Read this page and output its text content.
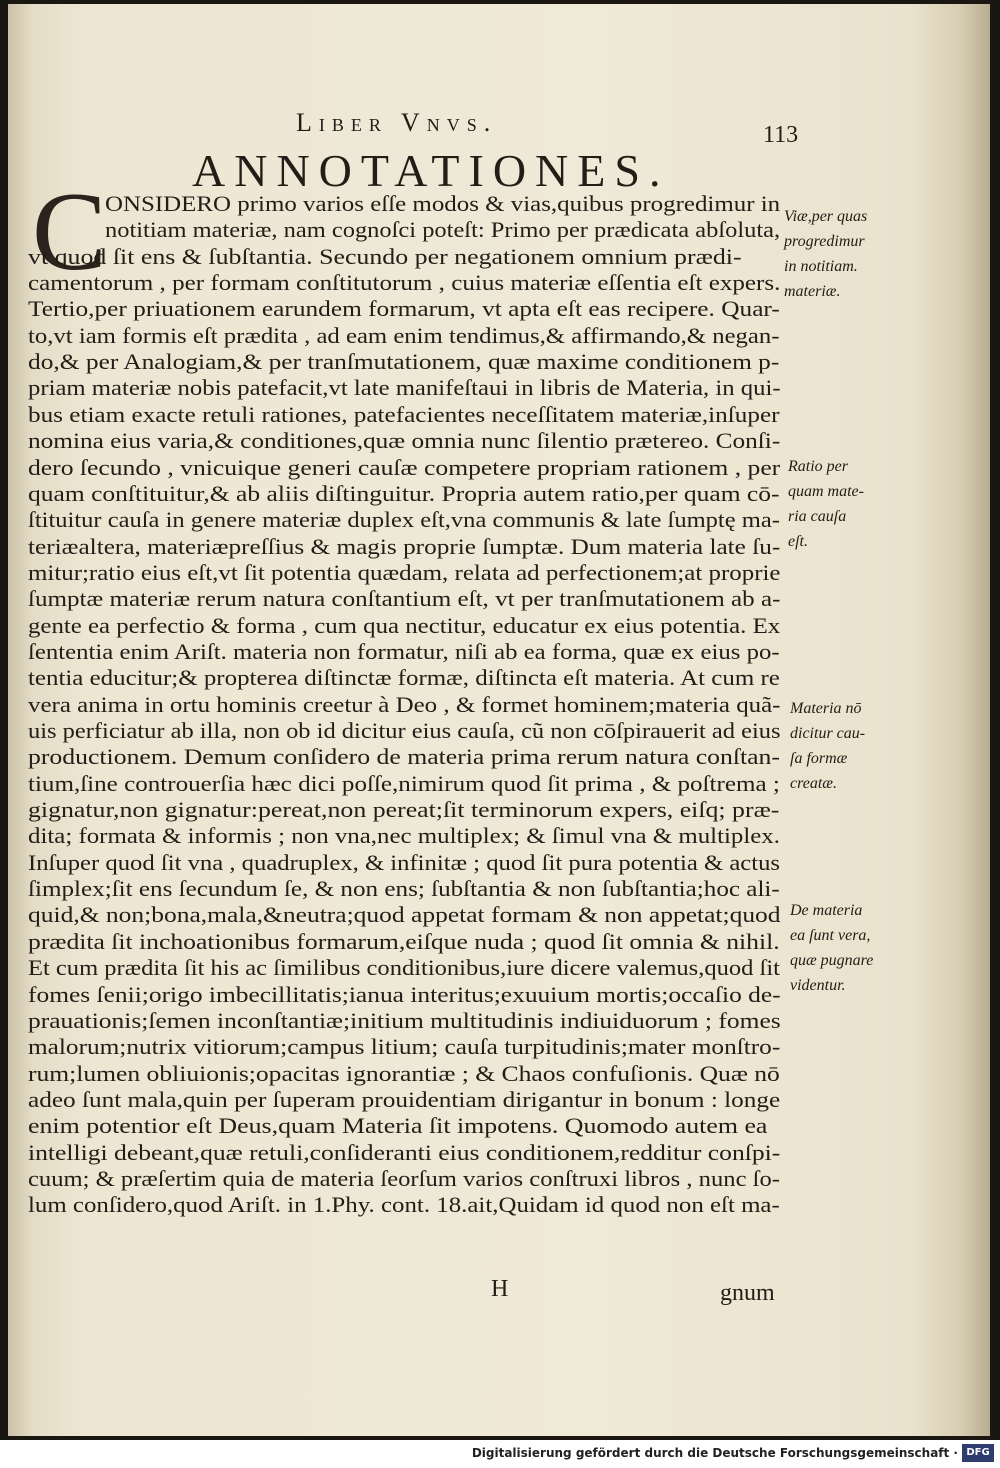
Liber Vnvs.	113
ANNOTATIONES.
C
ONSIDERO primo varios eſſe modos & vias,quibus progredimur in
notitiam materiæ, nam cognoſci poteſt: Primo per prædicata abſoluta,
vt quod ſit ens & ſubſtantia. Secundo per negationem omnium prædi-
camentorum , per formam conſtitutorum , cuius materiæ eſſentia eſt expers.
Tertio,per priuationem earundem formarum, vt apta eſt eas recipere. Quar-
to,vt iam formis eſt prædita , ad eam enim tendimus,& affirmando,& negan-
do,& per Analogiam,& per tranſmutationem, quæ maxime conditionem p-
priam materiæ nobis patefacit,vt late manifeſtaui in libris de Materia, in qui-
bus etiam exacte retuli rationes, patefacientes neceſſitatem materiæ,inſuper
nomina eius varia,& conditiones,quæ omnia nunc ſilentio prætereo. Conſi-
dero ſecundo , vnicuique generi cauſæ competere propriam rationem , per
quam conſtituitur,& ab aliis diſtinguitur. Propria autem ratio,per quam cō-
ſtituitur cauſa in genere materiæ duplex eſt,vna communis & late ſumptę ma-
teriæaltera, materiæpreſſius & magis proprie ſumptæ. Dum materia late ſu-
mitur;ratio eius eſt,vt ſit potentia quædam, relata ad perfectionem;at proprie
ſumptæ materiæ rerum natura conſtantium eſt, vt per tranſmutationem ab a-
gente ea perfectio & forma , cum qua nectitur, educatur ex eius potentia. Ex
ſententia enim Ariſt. materia non formatur, niſi ab ea forma, quæ ex eius po-
tentia educitur;& propterea diſtinctæ formæ, diſtincta eſt materia. At cum re
vera anima in ortu hominis creetur à Deo , & formet hominem;materia quã-
uis perficiatur ab illa, non ob id dicitur eius cauſa, cũ non cōſpirauerit ad eius
productionem. Demum conſidero de materia prima rerum natura conſtan-
tium,ſine controuerſia hæc dici poſſe,nimirum quod ſit prima , & poſtrema ;
gignatur,non gignatur:pereat,non pereat;ſit terminorum expers, eiſq; præ-
dita; formata & informis ; non vna,nec multiplex; & ſimul vna & multiplex.
Inſuper quod ſit vna , quadruplex, & infinitæ ; quod ſit pura potentia & actus
ſimplex;ſit ens ſecundum ſe, & non ens; ſubſtantia & non ſubſtantia;hoc ali-
quid,& non;bona,mala,&neutra;quod appetat formam & non appetat;quod
prædita ſit inchoationibus formarum,eiſque nuda ; quod ſit omnia & nihil.
Et cum prædita ſit his ac ſimilibus conditionibus,iure dicere valemus,quod ſit
fomes ſenii;origo imbecillitatis;ianua interitus;exuuium mortis;occaſio de-
prauationis;ſemen inconſtantiæ;initium multitudinis indiuiduorum ; fomes
malorum;nutrix vitiorum;campus litium; cauſa turpitudinis;mater monſtro-
rum;lumen obliuionis;opacitas ignorantiæ ; & Chaos confuſionis. Quæ nō
adeo ſunt mala,quin per ſuperam prouidentiam dirigantur in bonum : longe
enim potentior eſt Deus,quam Materia ſit impotens. Quomodo autem ea
intelligi debeant,quæ retuli,conſideranti eius conditionem,redditur conſpi-
cuum; & præſertim quia de materia ſeorſum varios conſtruxi libros , nunc ſo-
lum conſidero,quod Ariſt. in 1.Phy. cont. 18.ait,Quidam id quod non eſt ma-
Viæ,per quas
progredimur
in notitiam.
materiæ.
Ratio per
quam mate-
ria cauſa
eſt.
Materia nō
dicitur cau-
ſa formæ
creatæ.
De materia
ea ſunt vera,
quæ pugnare
videntur.
H	gnum
Digitalisierung gefördert durch die Deutsche Forschungsgemeinschaft · DFG
